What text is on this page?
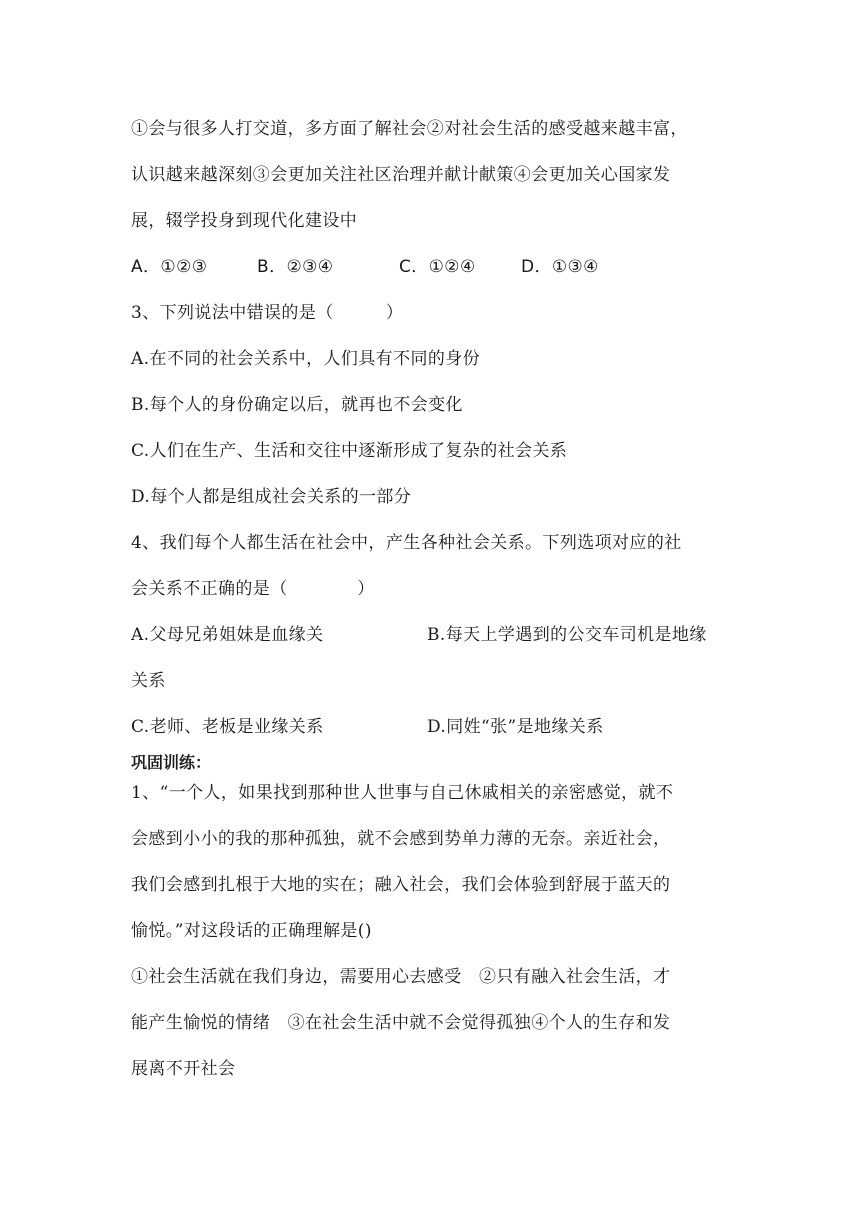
①会与很多人打交道，多方面了解社会②对社会生活的感受越来越丰富，
认识越来越深刻③会更加关注社区治理并献计献策④会更加关心国家发
展，辍学投身到现代化建设中
A．①②③	B．②③④	C．①②④	D．①③④
3、下列说法中错误的是（　　　）
A.在不同的社会关系中，人们具有不同的身份
B.每个人的身份确定以后，就再也不会变化
C.人们在生产、生活和交往中逐渐形成了复杂的社会关系
D.每个人都是组成社会关系的一部分
4、我们每个人都生活在社会中，产生各种社会关系。下列选项对应的社
会关系不正确的是（　　　　）
A.父母兄弟姐妹是血缘关	B.每天上学遇到的公交车司机是地缘
关系
C.老师、老板是业缘关系	D.同姓“张”是地缘关系
巩固训练：
1、“一个人，如果找到那种世人世事与自己休戚相关的亲密感觉，就不
会感到小小的我的那种孤独，就不会感到势单力薄的无奈。亲近社会，
我们会感到扎根于大地的实在；融入社会，我们会体验到舒展于蓝天的
愉悦。”对这段话的正确理解是()
①社会生活就在我们身边，需要用心去感受　②只有融入社会生活，才
能产生愉悦的情绪　③在社会生活中就不会觉得孤独④个人的生存和发
展离不开社会
